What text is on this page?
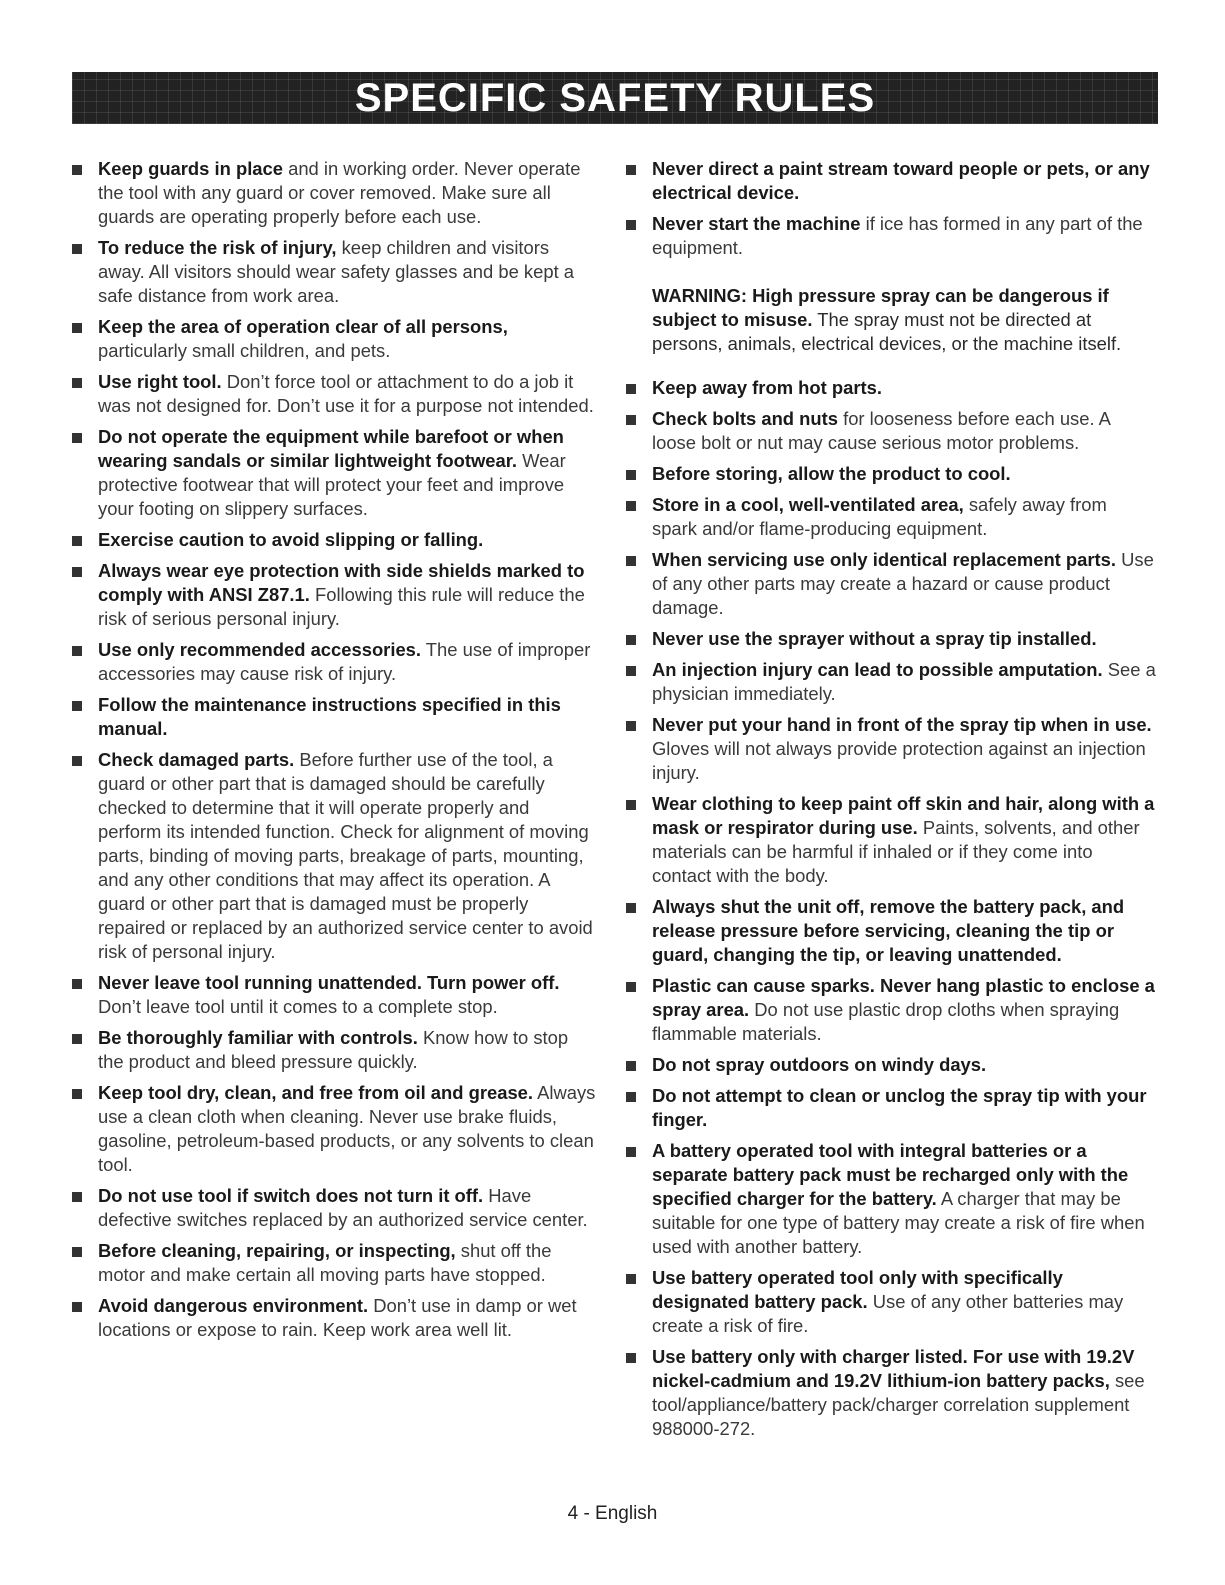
SPECIFIC SAFETY RULES
Keep guards in place and in working order. Never operate the tool with any guard or cover removed. Make sure all guards are operating properly before each use.
To reduce the risk of injury, keep children and visitors away. All visitors should wear safety glasses and be kept a safe distance from work area.
Keep the area of operation clear of all persons, particularly small children, and pets.
Use right tool. Don’t force tool or attachment to do a job it was not designed for. Don’t use it for a purpose not intended.
Do not operate the equipment while barefoot or when wearing sandals or similar lightweight footwear. Wear protective footwear that will protect your feet and improve your footing on slippery surfaces.
Exercise caution to avoid slipping or falling.
Always wear eye protection with side shields marked to comply with ANSI Z87.1. Following this rule will reduce the risk of serious personal injury.
Use only recommended accessories. The use of improper accessories may cause risk of injury.
Follow the maintenance instructions specified in this manual.
Check damaged parts. Before further use of the tool, a guard or other part that is damaged should be carefully checked to determine that it will operate properly and perform its intended function. Check for alignment of moving parts, binding of moving parts, breakage of parts, mounting, and any other conditions that may affect its operation. A guard or other part that is damaged must be properly repaired or replaced by an authorized service center to avoid risk of personal injury.
Never leave tool running unattended. Turn power off. Don’t leave tool until it comes to a complete stop.
Be thoroughly familiar with controls. Know how to stop the product and bleed pressure quickly.
Keep tool dry, clean, and free from oil and grease. Always use a clean cloth when cleaning. Never use brake fluids, gasoline, petroleum-based products, or any solvents to clean tool.
Do not use tool if switch does not turn it off. Have defective switches replaced by an authorized service center.
Before cleaning, repairing, or inspecting, shut off the motor and make certain all moving parts have stopped.
Avoid dangerous environment. Don’t use in damp or wet locations or expose to rain. Keep work area well lit.
Never direct a paint stream toward people or pets, or any electrical device.
Never start the machine if ice has formed in any part of the equipment.
WARNING: High pressure spray can be dangerous if subject to misuse. The spray must not be directed at persons, animals, electrical devices, or the machine itself.
Keep away from hot parts.
Check bolts and nuts for looseness before each use. A loose bolt or nut may cause serious motor problems.
Before storing, allow the product to cool.
Store in a cool, well-ventilated area, safely away from spark and/or flame-producing equipment.
When servicing use only identical replacement parts. Use of any other parts may create a hazard or cause product damage.
Never use the sprayer without a spray tip installed.
An injection injury can lead to possible amputation. See a physician immediately.
Never put your hand in front of the spray tip when in use. Gloves will not always provide protection against an injection injury.
Wear clothing to keep paint off skin and hair, along with a mask or respirator during use. Paints, solvents, and other materials can be harmful if inhaled or if they come into contact with the body.
Always shut the unit off, remove the battery pack, and release pressure before servicing, cleaning the tip or guard, changing the tip, or leaving unattended.
Plastic can cause sparks. Never hang plastic to enclose a spray area. Do not use plastic drop cloths when spraying flammable materials.
Do not spray outdoors on windy days.
Do not attempt to clean or unclog the spray tip with your finger.
A battery operated tool with integral batteries or a separate battery pack must be recharged only with the specified charger for the battery. A charger that may be suitable for one type of battery may create a risk of fire when used with another battery.
Use battery operated tool only with specifically designated battery pack. Use of any other batteries may create a risk of fire.
Use battery only with charger listed. For use with 19.2V nickel-cadmium and 19.2V lithium-ion battery packs, see tool/appliance/battery pack/charger correlation supplement 988000-272.
4 - English
